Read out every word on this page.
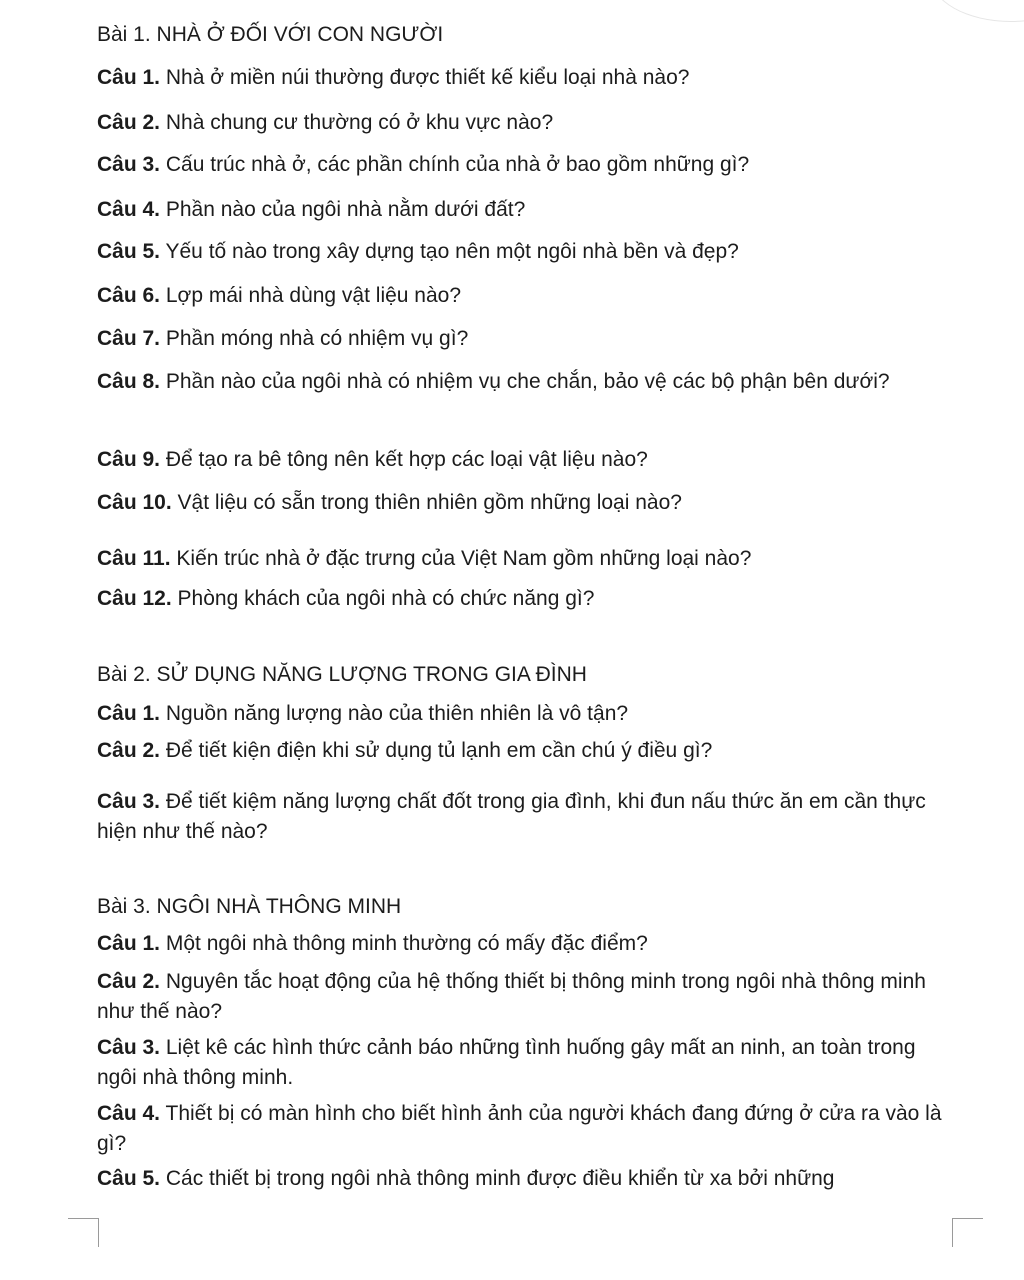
Bài 1. NHÀ Ở ĐỐI VỚI CON NGƯỜI
Câu 1. Nhà ở miền núi thường được thiết kế kiểu loại nhà nào?
Câu 2. Nhà chung cư thường có ở khu vực nào?
Câu 3. Cấu trúc nhà ở, các phần chính của nhà ở bao gồm những gì?
Câu 4. Phần nào của ngôi nhà nằm dưới đất?
Câu 5. Yếu tố nào trong xây dựng tạo nên một ngôi nhà bền và đẹp?
Câu 6. Lợp mái nhà dùng vật liệu nào?
Câu 7. Phần móng nhà có nhiệm vụ gì?
Câu 8. Phần nào của ngôi nhà có nhiệm vụ che chắn, bảo vệ các bộ phận bên dưới?
Câu 9. Để tạo ra bê tông nên kết hợp các loại vật liệu nào?
Câu 10. Vật liệu có sẵn trong thiên nhiên gồm những loại nào?
Câu 11. Kiến trúc nhà ở đặc trưng của Việt Nam gồm những loại nào?
Câu 12. Phòng khách của ngôi nhà có chức năng gì?
Bài 2. SỬ DỤNG NĂNG LƯỢNG TRONG GIA ĐÌNH
Câu 1. Nguồn năng lượng nào của thiên nhiên là vô tận?
Câu 2. Để tiết kiện điện khi sử dụng tủ lạnh em cần chú ý điều gì?
Câu 3. Để tiết kiệm năng lượng chất đốt trong gia đình, khi đun nấu thức ăn em cần thực hiện như thế nào?
Bài 3. NGÔI NHÀ THÔNG MINH
Câu 1. Một ngôi nhà thông minh thường có mấy đặc điểm?
Câu 2. Nguyên tắc hoạt động của hệ thống thiết bị thông minh trong ngôi nhà thông minh như thế nào?
Câu 3. Liệt kê các hình thức cảnh báo những tình huống gây mất an ninh, an toàn trong ngôi nhà thông minh.
Câu 4. Thiết bị có màn hình cho biết hình ảnh của người khách đang đứng ở cửa ra vào là gì?
Câu 5. Các thiết bị trong ngôi nhà thông minh được điều khiển từ xa bởi những
